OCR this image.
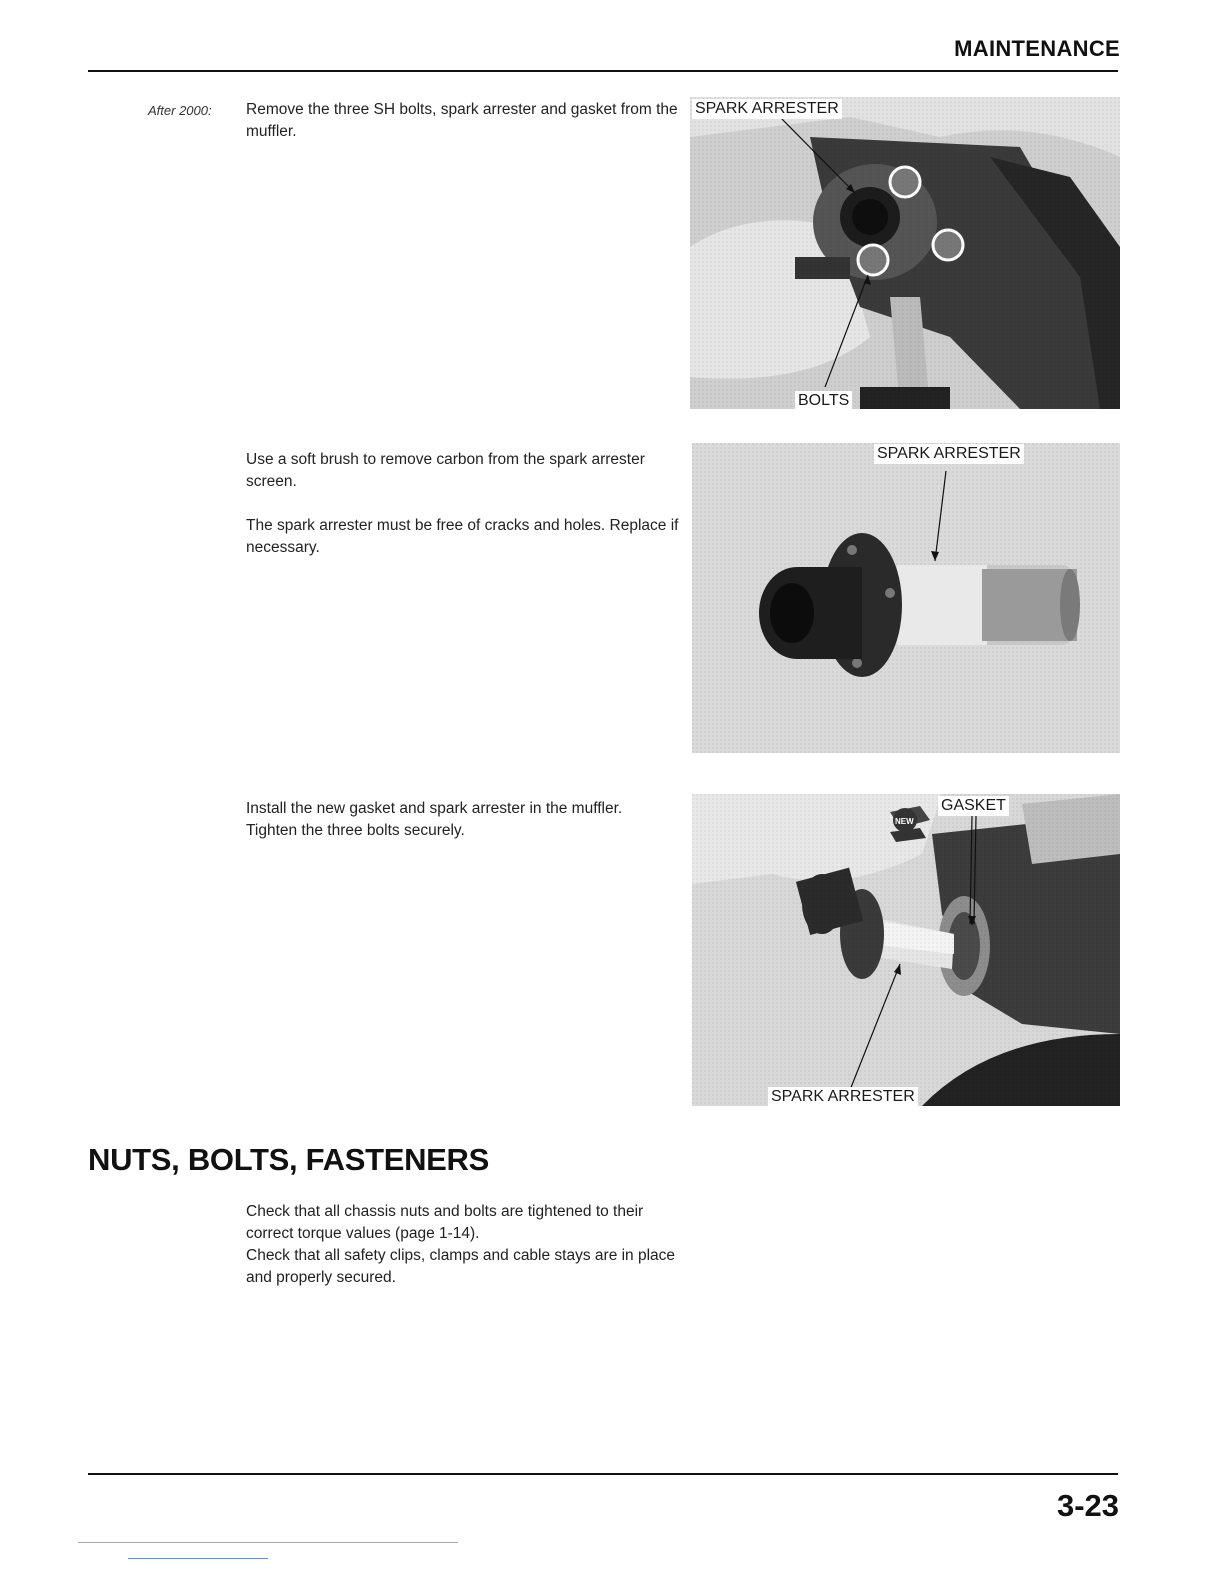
MAINTENANCE
After 2000: Remove the three SH bolts, spark arrester and gasket from the muffler.

SPARK ARRESTER
BOLTS

Use a soft brush to remove carbon from the spark arrester screen.

The spark arrester must be free of cracks and holes. Replace if necessary.

SPARK ARRESTER

Install the new gasket and spark arrester in the muffler.
Tighten the three bolts securely.

NEW
GASKET
SPARK ARRESTER
NUTS, BOLTS, FASTENERS

Check that all chassis nuts and bolts are tightened to their correct torque values (page 1-14).
Check that all safety clips, clamps and cable stays are in place and properly secured.

3-23
